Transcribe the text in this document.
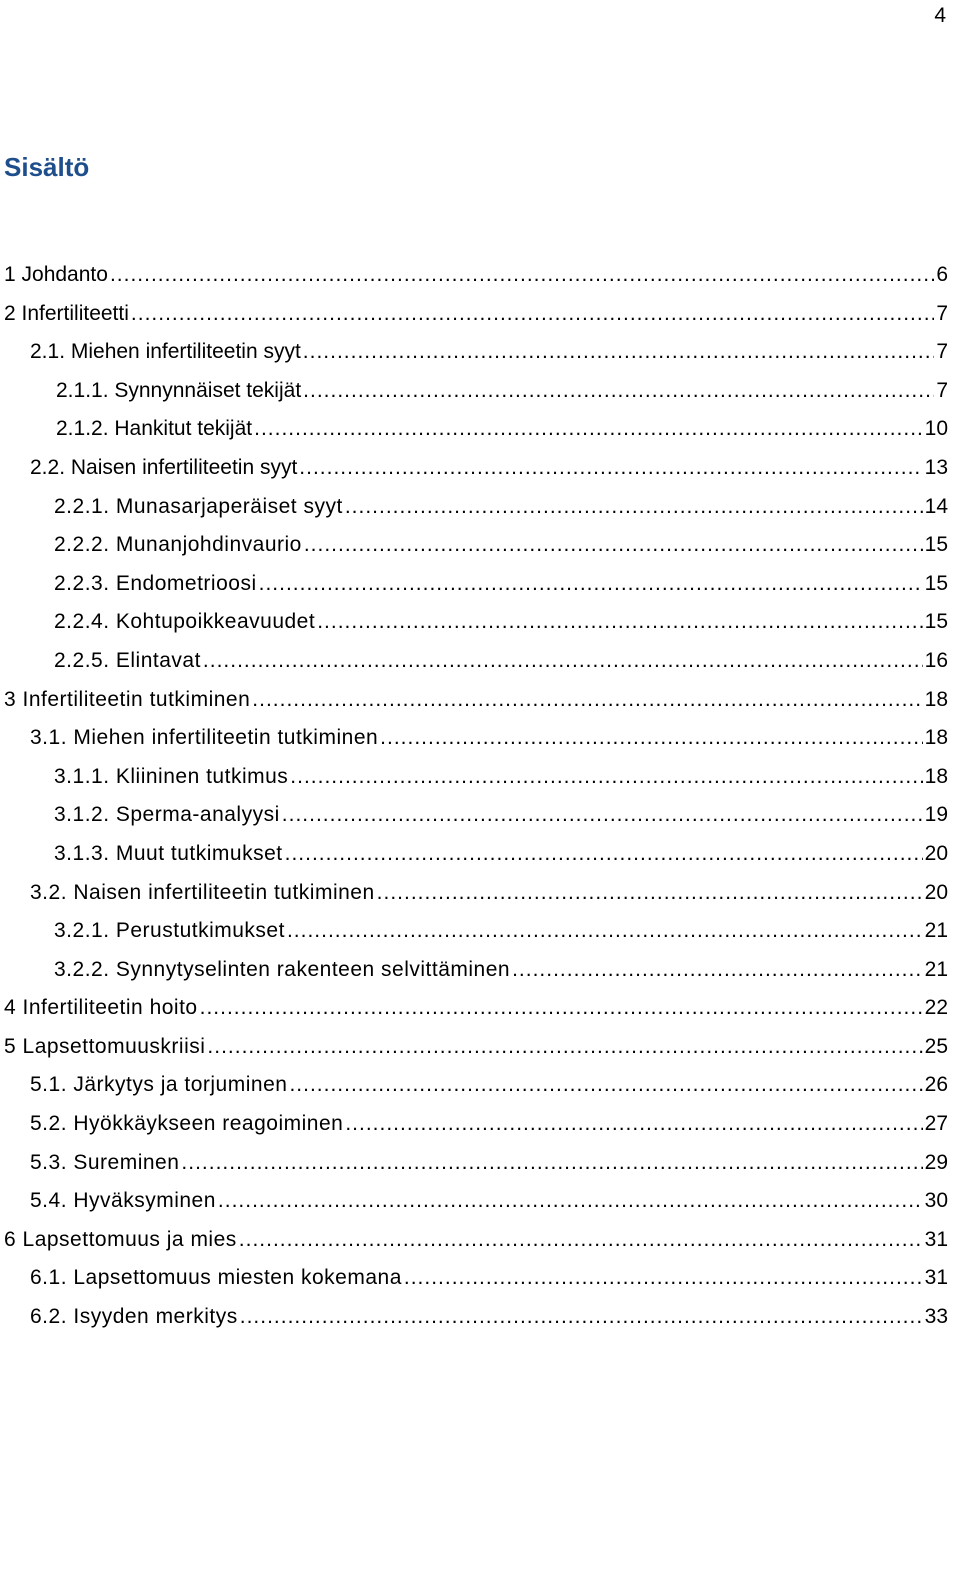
4
Sisältö
1 Johdanto .....	6
2 Infertiliteetti .....	7
2.1. Miehen infertiliteetin syyt .....	7
2.1.1. Synnynnäiset tekijät .....	7
2.1.2. Hankitut tekijät .....	10
2.2. Naisen infertiliteetin syyt .....	13
2.2.1. Munasarjaperäiset syyt .....	14
2.2.2. Munanjohdinvaurio .....	15
2.2.3. Endometrioosi .....	15
2.2.4. Kohtupoikkeavuudet .....	15
2.2.5. Elintavat .....	16
3 Infertiliteetin tutkiminen .....	18
3.1. Miehen infertiliteetin tutkiminen .....	18
3.1.1. Kliininen tutkimus .....	18
3.1.2. Sperma-analyysi .....	19
3.1.3. Muut tutkimukset .....	20
3.2. Naisen infertiliteetin tutkiminen .....	20
3.2.1. Perustutkimukset .....	21
3.2.2. Synnytyselinten rakenteen selvittäminen .....	21
4 Infertiliteetin hoito .....	22
5 Lapsettomuuskriisi .....	25
5.1. Järkytys ja torjuminen .....	26
5.2. Hyökkäykseen reagoiminen .....	27
5.3. Sureminen .....	29
5.4. Hyväksyminen .....	30
6 Lapsettomuus ja mies .....	31
6.1. Lapsettomuus miesten kokemana .....	31
6.2. Isyyden merkitys .....	33
